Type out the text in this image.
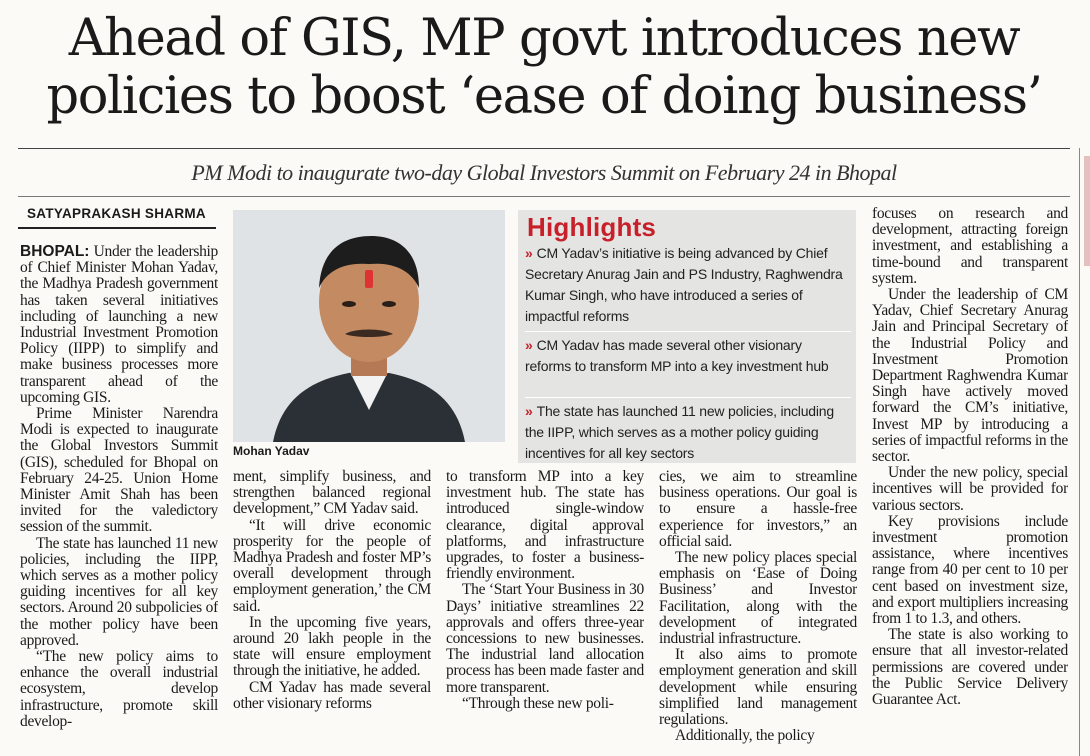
Ahead of GIS, MP govt introduces new
policies to boost ‘ease of doing business’

PM Modi to inaugurate two-day Global Investors Summit on February 24 in Bhopal

SATYAPRAKASH SHARMA

BHOPAL: Under the leadership of Chief Minister Mohan Yadav, the Madhya Pradesh government has taken several initiatives including of launching a new Industrial Investment Promotion Policy (IIPP) to simplify and make business processes more transparent ahead of the upcoming GIS.

Prime Minister Narendra Modi is expected to inaugurate the Global Investors Summit (GIS), scheduled for Bhopal on February 24-25. Union Home Minister Amit Shah has been invited for the valedictory session of the summit.

The state has launched 11 new policies, including the IIPP, which serves as a mother policy guiding incentives for all key sectors. Around 20 subpolicies of the mother policy have been approved.

“The new policy aims to enhance the overall industrial ecosystem, develop infrastructure, promote skill develop-

Mohan Yadav
Highlights
» CM Yadav’s initiative is being advanced by Chief Secretary Anurag Jain and PS Industry, Raghwendra Kumar Singh, who have introduced a series of impactful reforms
» CM Yadav has made several other visionary reforms to transform MP into a key investment hub
» The state has launched 11 new policies, including the IIPP, which serves as a mother policy guiding incentives for all key sectors

ment, simplify business, and strengthen balanced regional development,” CM Yadav said.

“It will drive economic prosperity for the people of Madhya Pradesh and foster MP’s overall development through employment generation,’ the CM said.

In the upcoming five years, around 20 lakh people in the state will ensure employment through the initiative, he added.

CM Yadav has made several other visionary reforms

to transform MP into a key investment hub. The state has introduced single-window clearance, digital approval platforms, and infrastructure upgrades, to foster a business-friendly environment.

The ‘Start Your Business in 30 Days’ initiative streamlines 22 approvals and offers three-year concessions to new businesses. The industrial land allocation process has been made faster and more transparent.

“Through these new poli-

cies, we aim to streamline business operations. Our goal is to ensure a hassle-free experience for investors,” an official said.

The new policy places special emphasis on ‘Ease of Doing Business’ and Investor Facilitation, along with the development of integrated industrial infrastructure.

It also aims to promote employment generation and skill development while ensuring simplified land management regulations.

Additionally, the policy

focuses on research and development, attracting foreign investment, and establishing a time-bound and transparent system.

Under the leadership of CM Yadav, Chief Secretary Anurag Jain and Principal Secretary of the Industrial Policy and Investment Promotion Department Raghwendra Kumar Singh have actively moved forward the CM’s initiative, Invest MP by introducing a series of impactful reforms in the sector.

Under the new policy, special incentives will be provided for various sectors.

Key provisions include investment promotion assistance, where incentives range from 40 per cent to 10 per cent based on investment size, and export multipliers increasing from 1 to 1.3, and others.

The state is also working to ensure that all investor-related permissions are covered under the Public Service Delivery Guarantee Act.
